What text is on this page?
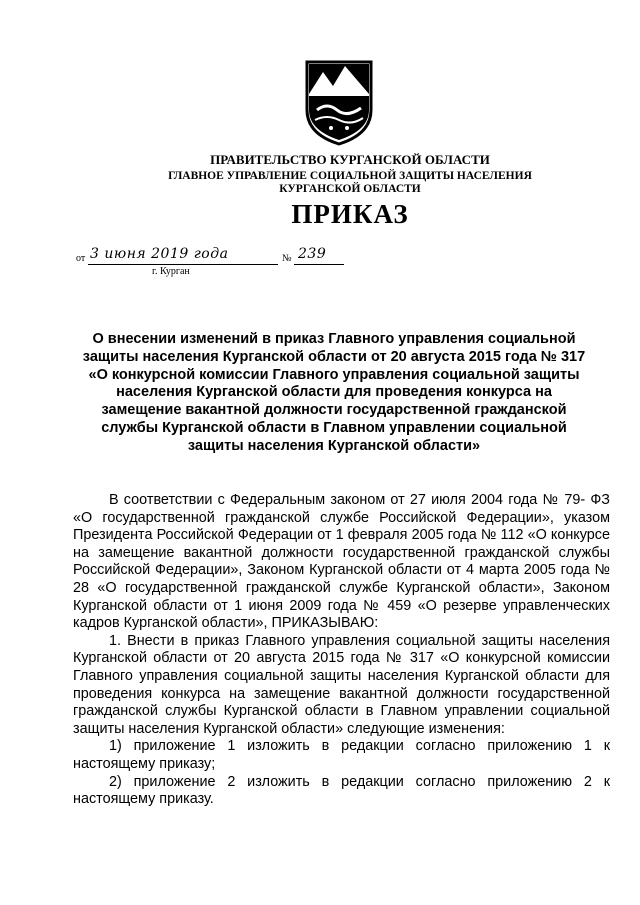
ПРАВИТЕЛЬСТВО КУРГАНСКОЙ ОБЛАСТИ
ГЛАВНОЕ УПРАВЛЕНИЕ СОЦИАЛЬНОЙ ЗАЩИТЫ НАСЕЛЕНИЯ
КУРГАНСКОЙ ОБЛАСТИ
ПРИКАЗ
от 3 июня 2019 года	№ 239
г. Курган
О внесении изменений в приказ Главного управления социальной
защиты населения Курганской области от 20 августа 2015 года № 317
«О конкурсной комиссии Главного управления социальной защиты
населения Курганской области для проведения конкурса на
замещение вакантной должности государственной гражданской
службы Курганской области в Главном управлении социальной
защиты населения Курганской области»

В соответствии с Федеральным законом от 27 июля 2004 года № 79- ФЗ «О государственной гражданской службе Российской Федерации», указом Президента Российской Федерации от 1 февраля 2005 года № 112 «О конкурсе на замещение вакантной должности государственной гражданской службы Российской Федерации», Законом Курганской области от 4 марта 2005 года № 28 «О государственной гражданской службе Курганской области», Законом Курганской области от 1 июня 2009 года № 459 «О резерве управленческих кадров Курганской области», ПРИКАЗЫВАЮ:

1. Внести в приказ Главного управления социальной защиты населения Курганской области от 20 августа 2015 года № 317 «О конкурсной комиссии Главного управления социальной защиты населения Курганской области для проведения конкурса на замещение вакантной должности государственной гражданской службы Курганской области в Главном управлении социальной защиты населения Курганской области» следующие изменения:

1) приложение 1 изложить в редакции согласно приложению 1 к настоящему приказу;

2) приложение 2 изложить в редакции согласно приложению 2 к настоящему приказу.
